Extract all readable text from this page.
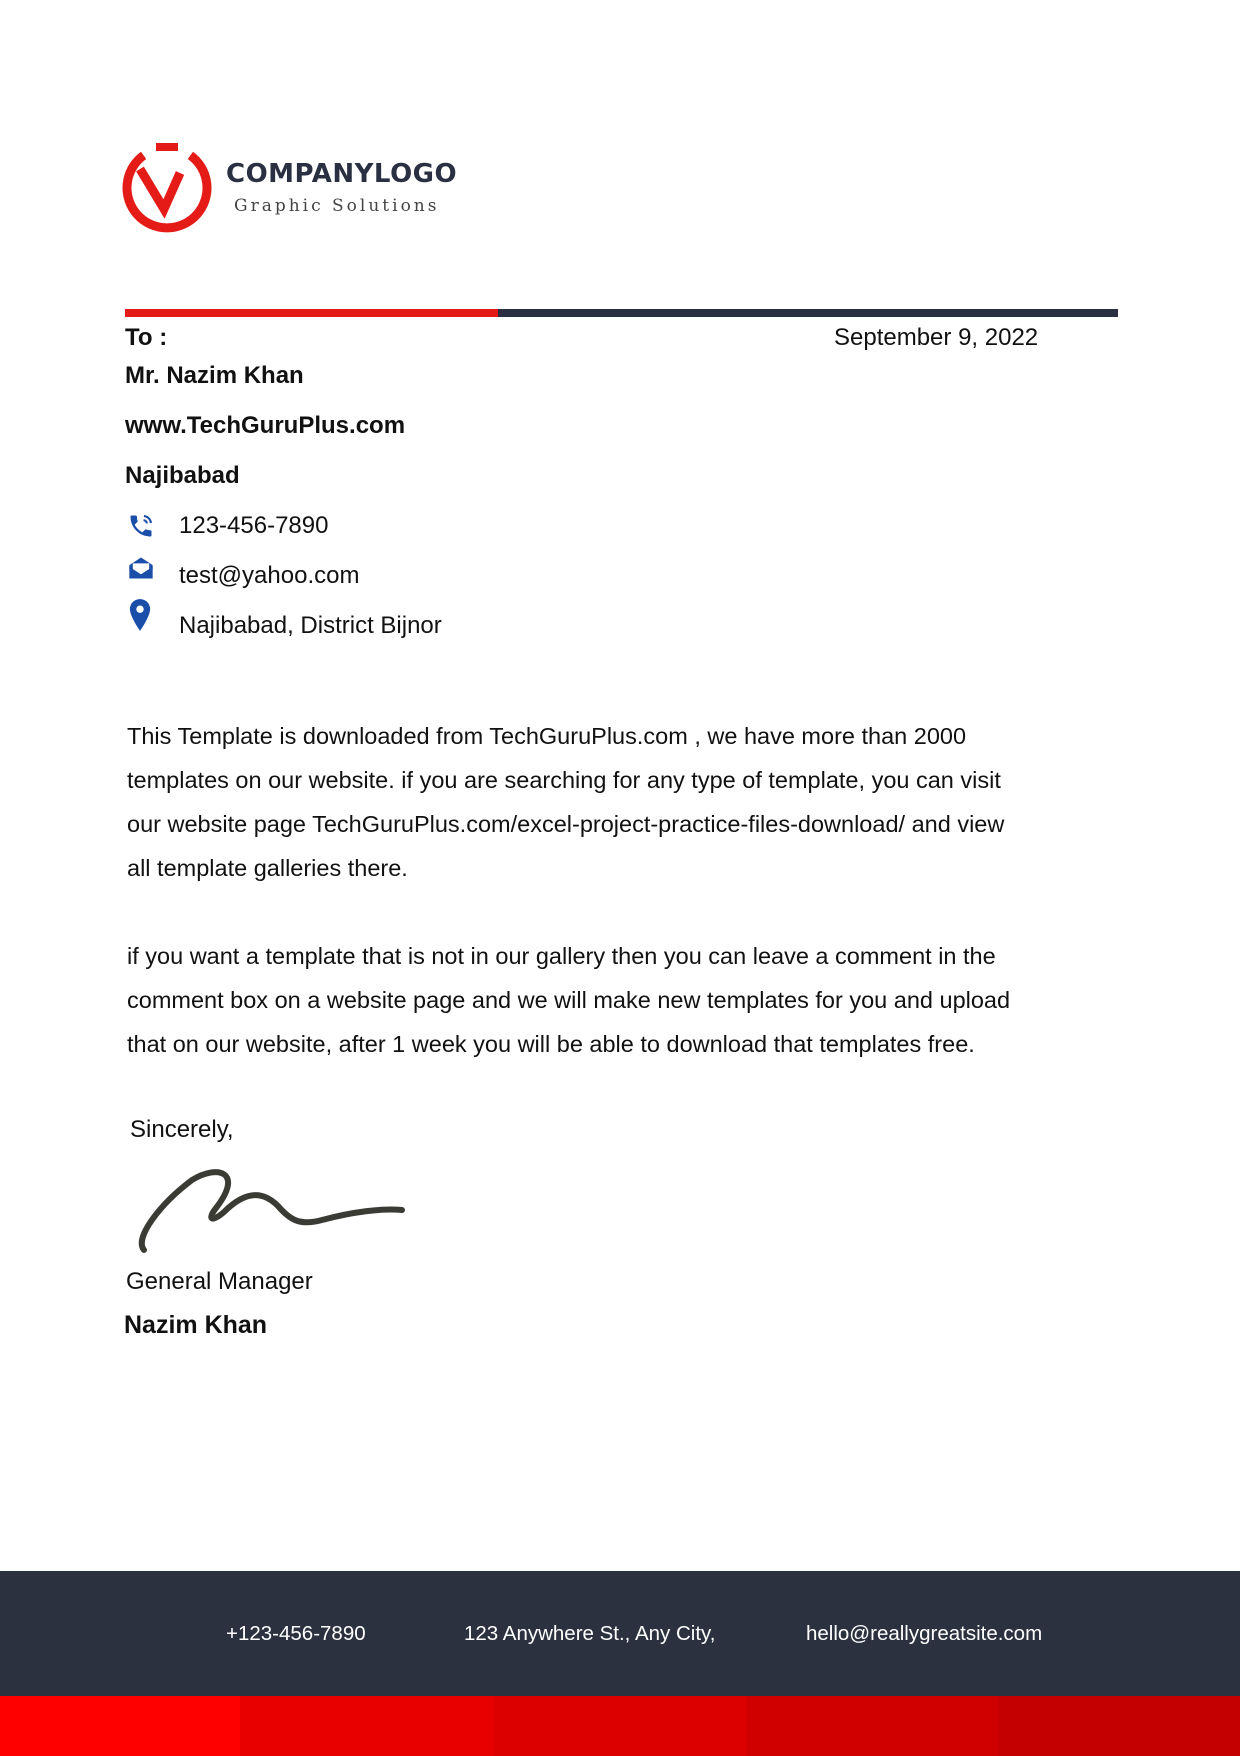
COMPANYLOGO
Graphic Solutions
To :	September 9, 2022
Mr. Nazim Khan
www.TechGuruPlus.com
Najibabad
123-456-7890
test@yahoo.com
Najibabad, District Bijnor

This Template is downloaded from TechGuruPlus.com , we have more than 2000

templates on our website. if you are searching for any type of template, you can visit

our website page TechGuruPlus.com/excel-project-practice-files-download/ and view

all template galleries there.

if you want a template that is not in our gallery then you can leave a comment in the

comment box on a website page and we will make new templates for you and upload

that on our website, after 1 week you will be able to download that templates free.

Sincerely,
General Manager
Nazim Khan
+123-456-7890	123 Anywhere St., Any City,	hello@reallygreatsite.com
